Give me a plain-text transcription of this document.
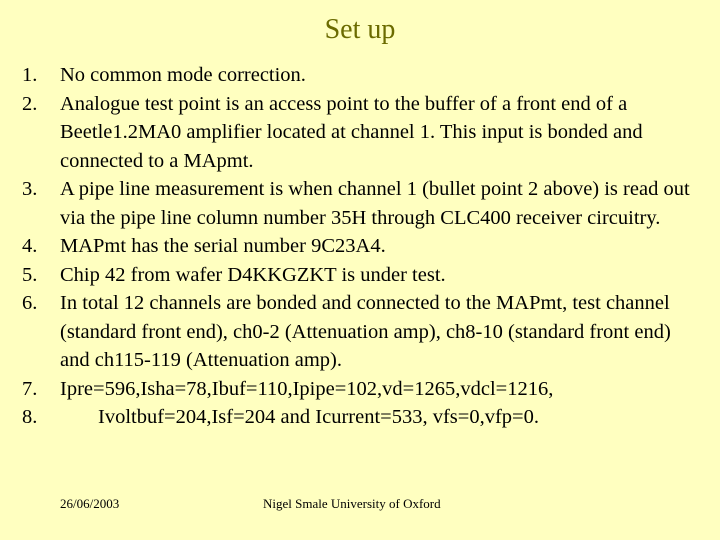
Set up
1. No common mode correction.
2. Analogue test point is an access point to the buffer of a front end of a Beetle1.2MA0 amplifier located at channel 1. This input is bonded and connected to a MApmt.
3. A pipe line measurement is when channel 1 (bullet point 2 above) is read out via the pipe line column number 35H through CLC400 receiver circuitry.
4. MAPmt has the serial number 9C23A4.
5. Chip 42 from wafer D4KKGZKT is under test.
6. In total 12 channels are bonded and connected to the MAPmt, test channel (standard front end), ch0-2 (Attenuation amp), ch8-10 (standard front end) and ch115-119 (Attenuation amp).
7. Ipre=596,Isha=78,Ibuf=110,Ipipe=102,vd=1265,vdcl=1216,
8.	Ivoltbuf=204,Isf=204 and Icurrent=533, vfs=0,vfp=0.
26/06/2003	Nigel Smale University of Oxford
